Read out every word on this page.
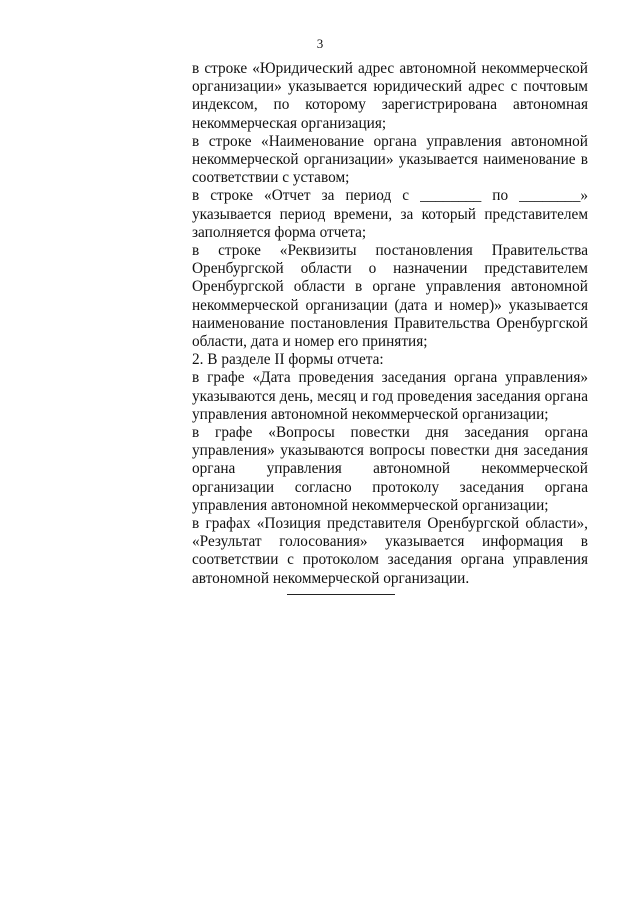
3

в строке «Юридический адрес автономной некоммерческой организации» указывается юридический адрес с почтовым индексом, по которому зарегистрирована автономная некоммерческая организация;

в строке «Наименование органа управления автономной некоммерческой организации» указывается наименование в соответствии с уставом;

в строке «Отчет за период с ________ по ________» указывается период времени, за который представителем заполняется форма отчета;

в строке «Реквизиты постановления Правительства Оренбургской области о назначении представителем Оренбургской области в органе управления автономной некоммерческой организации (дата и номер)» указывается наименование постановления Правительства Оренбургской области, дата и номер его принятия;

2. В разделе II формы отчета:

в графе «Дата проведения заседания органа управления» указываются день, месяц и год проведения заседания органа управления автономной некоммерческой организации;

в графе «Вопросы повестки дня заседания органа управления» указываются вопросы повестки дня заседания органа управления автономной некоммерческой организации согласно протоколу заседания органа управления автономной некоммерческой организации;

в графах «Позиция представителя Оренбургской области», «Результат голосования» указывается информация в соответствии с протоколом заседания органа управления автономной некоммерческой организации.
